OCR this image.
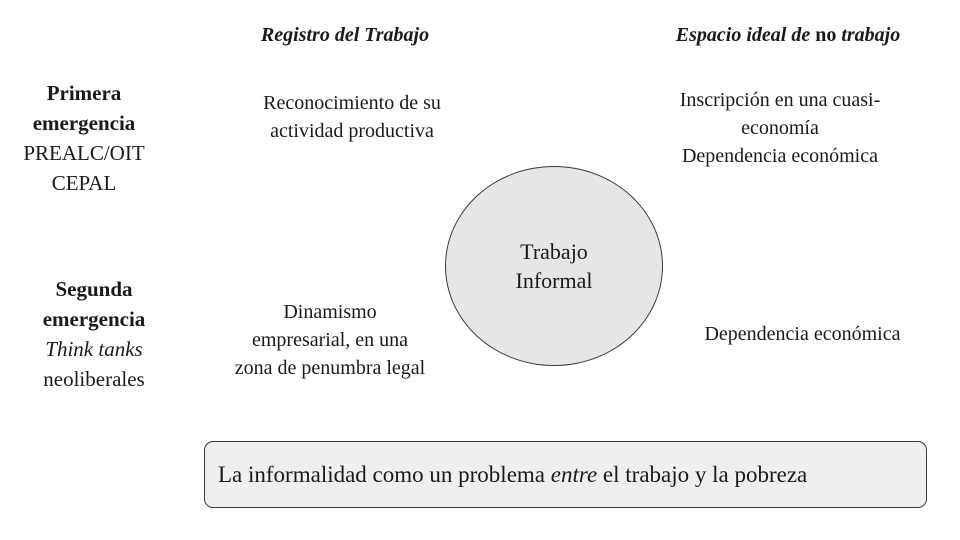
Registro del Trabajo	Espacio ideal de no trabajo
Primera
emergencia
PREALC/OIT
CEPAL
Segunda
emergencia
Think tanks
neoliberales
Reconocimiento de su
actividad productiva
Inscripción en una cuasi-
economía
Dependencia económica
Dinamismo
empresarial, en una
zona de penumbra legal
Dependencia económica
Trabajo
Informal
La informalidad como un problema
entre
el trabajo y la pobreza
